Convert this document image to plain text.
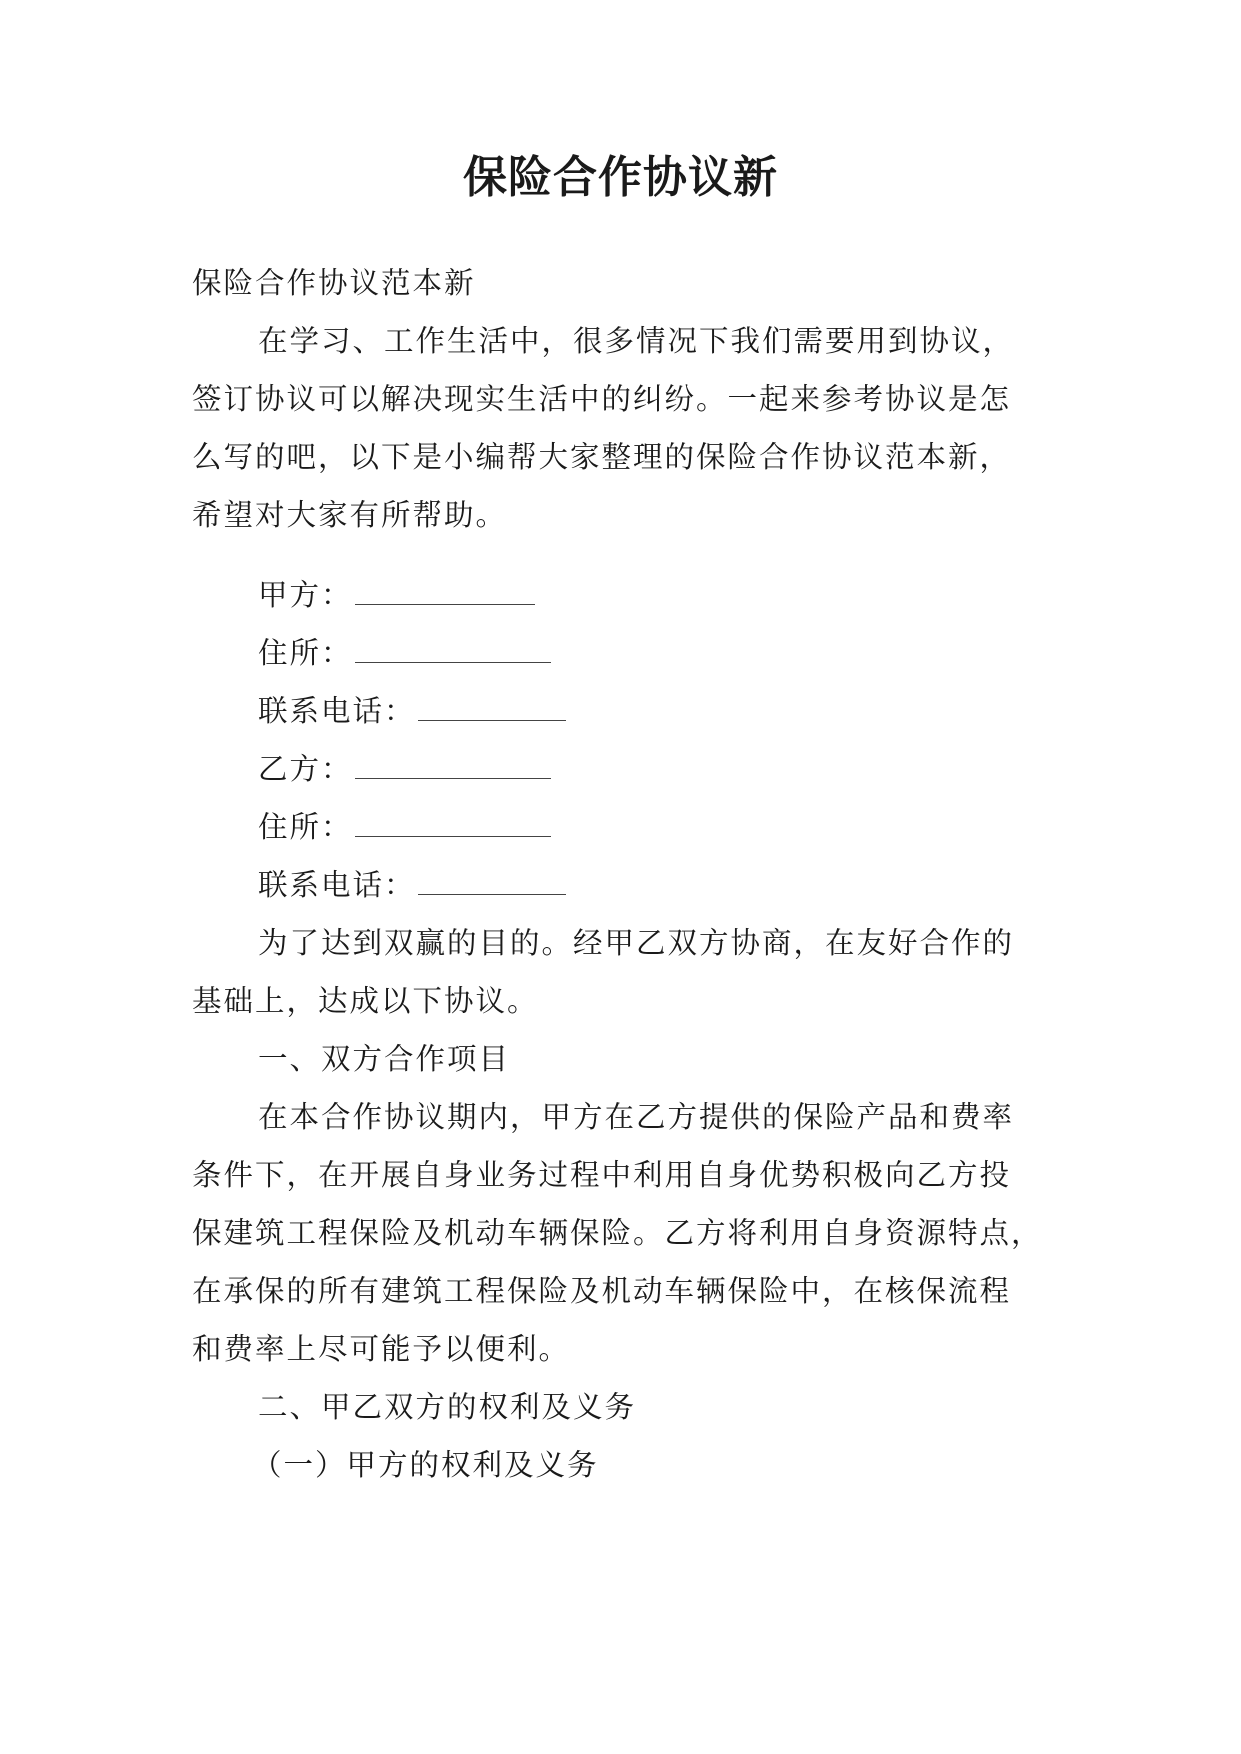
保险合作协议新
保险合作协议范本新
在学习、工作生活中，很多情况下我们需要用到协议，
签订协议可以解决现实生活中的纠纷。一起来参考协议是怎
么写的吧，以下是小编帮大家整理的保险合作协议范本新，
希望对大家有所帮助。
甲方：
住所：
联系电话：
乙方：
住所：
联系电话：
为了达到双赢的目的。经甲乙双方协商，在友好合作的
基础上，达成以下协议。
一、双方合作项目
在本合作协议期内，甲方在乙方提供的保险产品和费率
条件下，在开展自身业务过程中利用自身优势积极向乙方投
保建筑工程保险及机动车辆保险。乙方将利用自身资源特点，
在承保的所有建筑工程保险及机动车辆保险中，在核保流程
和费率上尽可能予以便利。
二、甲乙双方的权利及义务
（一）甲方的权利及义务
